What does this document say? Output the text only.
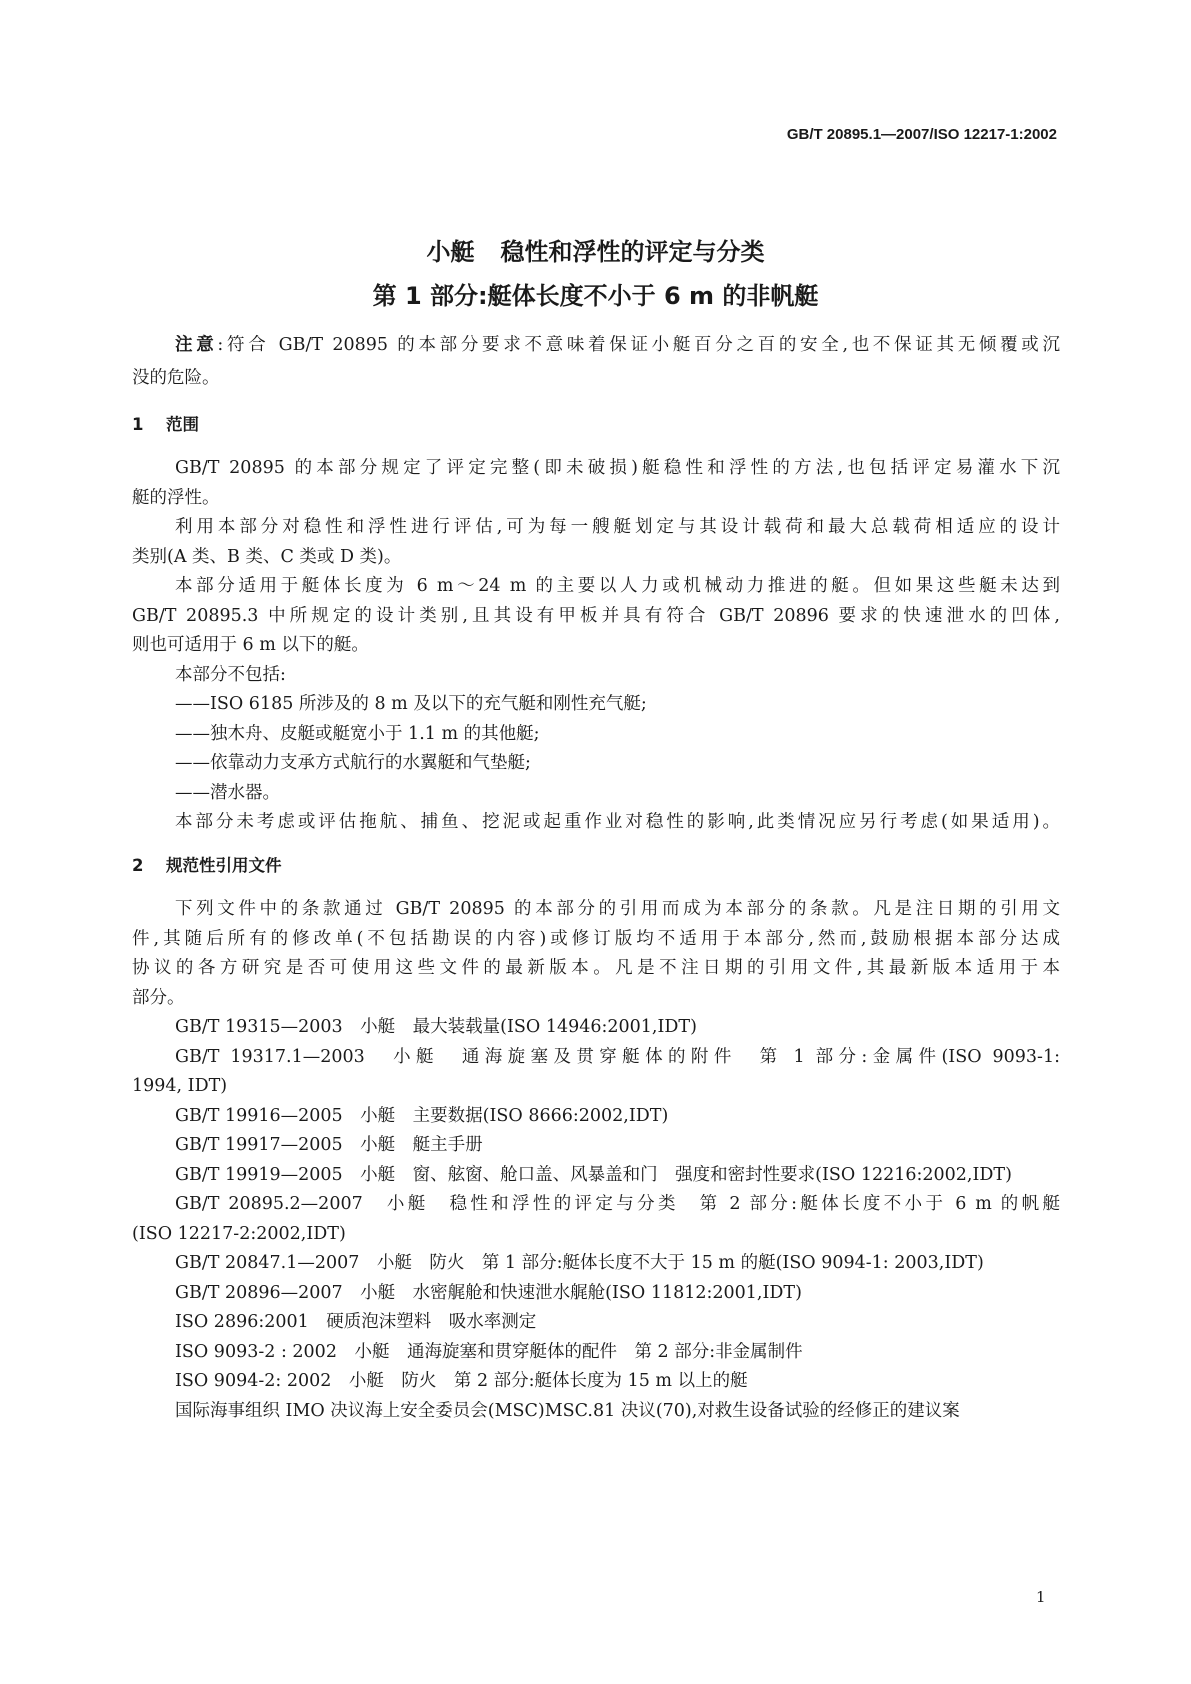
GB/T 20895.1—2007/ISO 12217-1:2002
小艇 稳性和浮性的评定与分类
第 1 部分:艇体长度不小于 6 m 的非帆艇
注意:符合 GB/T 20895 的本部分要求不意味着保证小艇百分之百的安全,也不保证其无倾覆或沉
没的危险。
1 范围
GB/T 20895 的本部分规定了评定完整(即未破损)艇稳性和浮性的方法,也包括评定易灌水下沉
艇的浮性。
利用本部分对稳性和浮性进行评估,可为每一艘艇划定与其设计载荷和最大总载荷相适应的设计
类别(A 类、B 类、C 类或 D 类)。
本部分适用于艇体长度为 6 m～24 m 的主要以人力或机械动力推进的艇。但如果这些艇未达到
GB/T 20895.3 中所规定的设计类别,且其设有甲板并具有符合 GB/T 20896 要求的快速泄水的凹体,
则也可适用于 6 m 以下的艇。
本部分不包括:
——ISO 6185 所涉及的 8 m 及以下的充气艇和刚性充气艇;
——独木舟、皮艇或艇宽小于 1.1 m 的其他艇;
——依靠动力支承方式航行的水翼艇和气垫艇;
——潜水器。
本部分未考虑或评估拖航、捕鱼、挖泥或起重作业对稳性的影响,此类情况应另行考虑(如果适用)。
2 规范性引用文件
下列文件中的条款通过 GB/T 20895 的本部分的引用而成为本部分的条款。凡是注日期的引用文
件,其随后所有的修改单(不包括勘误的内容)或修订版均不适用于本部分,然而,鼓励根据本部分达成
协议的各方研究是否可使用这些文件的最新版本。凡是不注日期的引用文件,其最新版本适用于本
部分。
GB/T 19315—2003　小艇　最大装载量(ISO 14946:2001,IDT)
GB/T 19317.1—2003　小艇　通海旋塞及贯穿艇体的附件　第 1 部分:金属件(ISO 9093-1:
1994, IDT)
GB/T 19916—2005　小艇　主要数据(ISO 8666:2002,IDT)
GB/T 19917—2005　小艇　艇主手册
GB/T 19919—2005　小艇　窗、舷窗、舱口盖、风暴盖和门　强度和密封性要求(ISO 12216:2002,IDT)
GB/T 20895.2—2007　小艇　稳性和浮性的评定与分类　第 2 部分:艇体长度不小于 6 m 的帆艇
(ISO 12217-2:2002,IDT)
GB/T 20847.1—2007　小艇　防火　第 1 部分:艇体长度不大于 15 m 的艇(ISO 9094-1: 2003,IDT)
GB/T 20896—2007　小艇　水密艉舱和快速泄水艉舱(ISO 11812:2001,IDT)
ISO 2896:2001　硬质泡沫塑料　吸水率测定
ISO 9093-2 : 2002　小艇　通海旋塞和贯穿艇体的配件　第 2 部分:非金属制件
ISO 9094-2: 2002　小艇　防火　第 2 部分:艇体长度为 15 m 以上的艇
国际海事组织 IMO 决议海上安全委员会(MSC)MSC.81 决议(70),对救生设备试验的经修正的建议案
1
